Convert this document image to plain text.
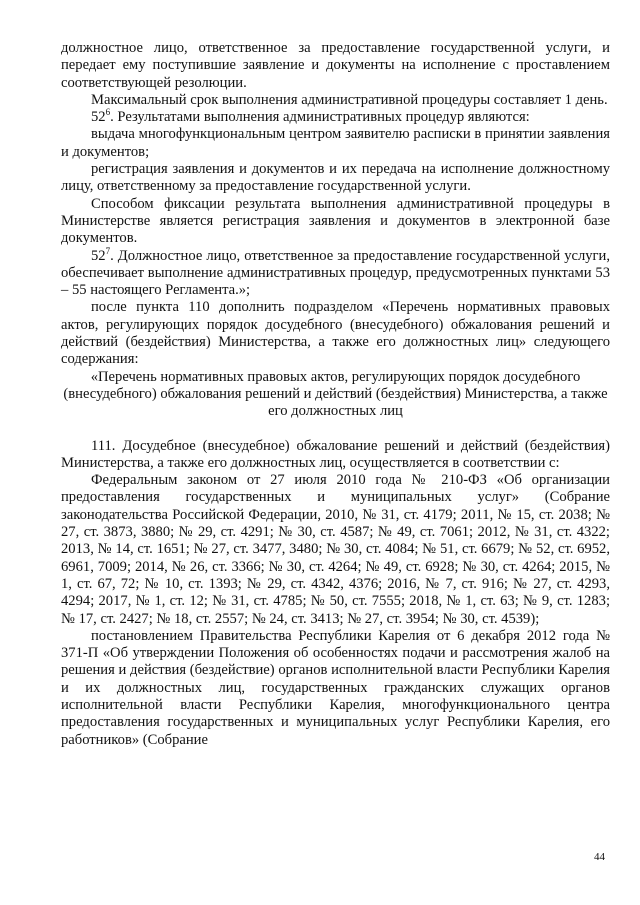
должностное лицо, ответственное за предоставление государственной услуги, и передает ему поступившие заявление и документы на исполнение с проставлением соответствующей резолюции.

Максимальный срок выполнения административной процедуры составляет 1 день.

$52^6$. Результатами выполнения административных процедур являются:

выдача многофункциональным центром заявителю расписки в принятии заявления и документов;

регистрация заявления и документов и их передача на исполнение должностному лицу, ответственному за предоставление государственной услуги.

Способом фиксации результата выполнения административной процедуры в Министерстве является регистрация заявления и документов в электронной базе документов.

$52^7$. Должностное лицо, ответственное за предоставление государственной услуги, обеспечивает выполнение административных процедур, предусмотренных пунктами 53 – 55 настоящего Регламента.»;

после пункта 110 дополнить подразделом «Перечень нормативных правовых актов, регулирующих порядок досудебного (внесудебного) обжалования решений и действий (бездействия) Министерства, а также его должностных лиц» следующего содержания:

«Перечень нормативных правовых актов, регулирующих порядок досудебного (внесудебного) обжалования решений и действий (бездействия) Министерства, а также его должностных лиц

111. Досудебное (внесудебное) обжалование решений и действий (бездействия) Министерства, а также его должностных лиц, осуществляется в соответствии с:

Федеральным законом от 27 июля 2010 года № 210-ФЗ «Об организации предоставления государственных и муниципальных услуг» (Собрание законодательства Российской Федерации, 2010, № 31, ст. 4179; 2011, № 15, ст. 2038; № 27, ст. 3873, 3880; № 29, ст. 4291; № 30, ст. 4587; № 49, ст. 7061; 2012, № 31, ст. 4322; 2013, № 14, ст. 1651; № 27, ст. 3477, 3480; № 30, ст. 4084; № 51, ст. 6679; № 52, ст. 6952, 6961, 7009; 2014, № 26, ст. 3366; № 30, ст. 4264; № 49, ст. 6928; № 30, ст. 4264; 2015, № 1, ст. 67, 72; № 10, ст. 1393; № 29, ст. 4342, 4376; 2016, № 7, ст. 916; № 27, ст. 4293, 4294; 2017, № 1, ст. 12; № 31, ст. 4785; № 50, ст. 7555; 2018, № 1, ст. 63; № 9, ст. 1283; № 17, ст. 2427; № 18, ст. 2557; № 24, ст. 3413; № 27, ст. 3954; № 30, ст. 4539);

постановлением Правительства Республики Карелия от 6 декабря 2012 года № 371-П «Об утверждении Положения об особенностях подачи и рассмотрения жалоб на решения и действия (бездействие) органов исполнительной власти Республики Карелия и их должностных лиц, государственных гражданских служащих органов исполнительной власти Республики Карелия, многофункционального центра предоставления государственных и муниципальных услуг Республики Карелия, его работников» (Собрание

44
